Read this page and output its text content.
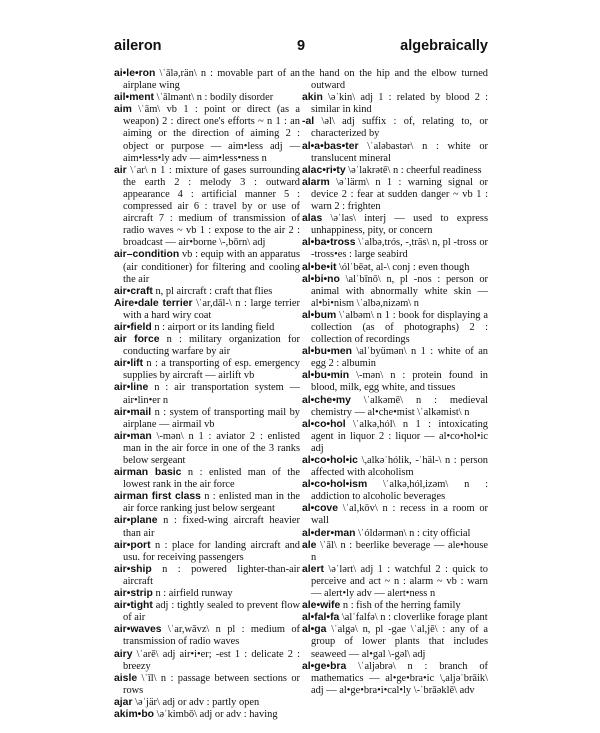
aileron	9	algebraically

ai•le•ron \ˈālə,rän\ n : movable part of an airplane wing

ail•ment \ˈālmənt\ n : bodily disorder

aim \ˈām\ vb 1 : point or direct (as a weapon) 2 : direct one's efforts ~ n 1 : an aiming or the direction of aiming 2 : object or purpose — aim•less adj — aim•less•ly adv — aim•less•ness n

air \ˈar\ n 1 : mixture of gases surrounding the earth 2 : melody 3 : outward appearance 4 : artificial manner 5 : compressed air 6 : travel by or use of aircraft 7 : medium of transmission of radio waves ~ vb 1 : expose to the air 2 : broadcast — air•borne \-,bōrn\ adj

air–condition vb : equip with an apparatus (air conditioner) for filtering and cooling the air

air•craft n, pl aircraft : craft that flies

Aire•dale terrier \ˈar,dāl-\ n : large terrier with a hard wiry coat

air•field n : airport or its landing field

air force n : military organization for conducting warfare by air

air•lift n : a transporting of esp. emergency supplies by aircraft — airlift vb

air•line n : air transportation system — air•lin•er n

air•mail n : system of transporting mail by airplane — airmail vb

air•man \-mən\ n 1 : aviator 2 : enlisted man in the air force in one of the 3 ranks below sergeant

airman basic n : enlisted man of the lowest rank in the air force

airman first class n : enlisted man in the air force ranking just below sergeant

air•plane n : fixed-wing aircraft heavier than air

air•port n : place for landing aircraft and usu. for receiving passengers

air•ship n : powered lighter-than-air aircraft

air•strip n : airfield runway

air•tight adj : tightly sealed to prevent flow of air

air•waves \ˈar,wāvz\ n pl : medium of transmission of radio waves

airy \ˈarē\ adj air•i•er; -est 1 : delicate 2 : breezy

aisle \ˈīl\ n : passage between sections or rows

ajar \əˈjär\ adj or adv : partly open

akim•bo \əˈkimbō\ adj or adv : having

the hand on the hip and the elbow turned outward

akin \əˈkin\ adj 1 : related by blood 2 : similar in kind

-al \əl\ adj suffix : of, relating to, or characterized by

al•a•bas•ter \ˈaləbastər\ n : white or translucent mineral

alac•ri•ty \əˈlakrətē\ n : cheerful readiness

alarm \əˈlärm\ n 1 : warning signal or device 2 : fear at sudden danger ~ vb 1 : warn 2 : frighten

alas \əˈlas\ interj — used to express unhappiness, pity, or concern

al•ba•tross \ˈalbə,trós, -,träs\ n, pl -tross or -tross•es : large seabird

al•be•it \ólˈbēət, al-\ conj : even though

al•bi•no \alˈbīnō\ n, pl -nos : person or animal with abnormally white skin — al•bi•nism \ˈalbə,nizəm\ n

al•bum \ˈalbəm\ n 1 : book for displaying a collection (as of photographs) 2 : collection of recordings

al•bu•men \alˈbyümən\ n 1 : white of an egg 2 : albumin

al•bu•min \-mən\ n : protein found in blood, milk, egg white, and tissues

al•che•my \ˈalkəmē\ n : medieval chemistry — al•che•mist \ˈalkəmist\ n

al•co•hol \ˈalkə,hól\ n 1 : intoxicating agent in liquor 2 : liquor — al•co•hol•ic adj

al•co•hol•ic \,alkəˈhólik, -ˈhäl-\ n : person affected with alcoholism

al•co•hol•ism \ˈalkə,hól,izəm\ n : addiction to alcoholic beverages

al•cove \ˈal,kōv\ n : recess in a room or wall

al•der•man \ˈóldərmən\ n : city official

ale \ˈāl\ n : beerlike beverage — ale•house n

alert \əˈlərt\ adj 1 : watchful 2 : quick to perceive and act ~ n : alarm ~ vb : warn — alert•ly adv — alert•ness n

ale•wife n : fish of the herring family

al•fal•fa \alˈfalfə\ n : cloverlike forage plant

al•ga \ˈalgə\ n, pl -gae \ˈal,jē\ : any of a group of lower plants that includes seaweed — al•gal \-gəl\ adj

al•ge•bra \ˈaljəbrə\ n : branch of mathematics — al•ge•bra•ic \,aljəˈbrāik\ adj — al•ge•bra•i•cal•ly \-ˈbrāəklē\ adv
